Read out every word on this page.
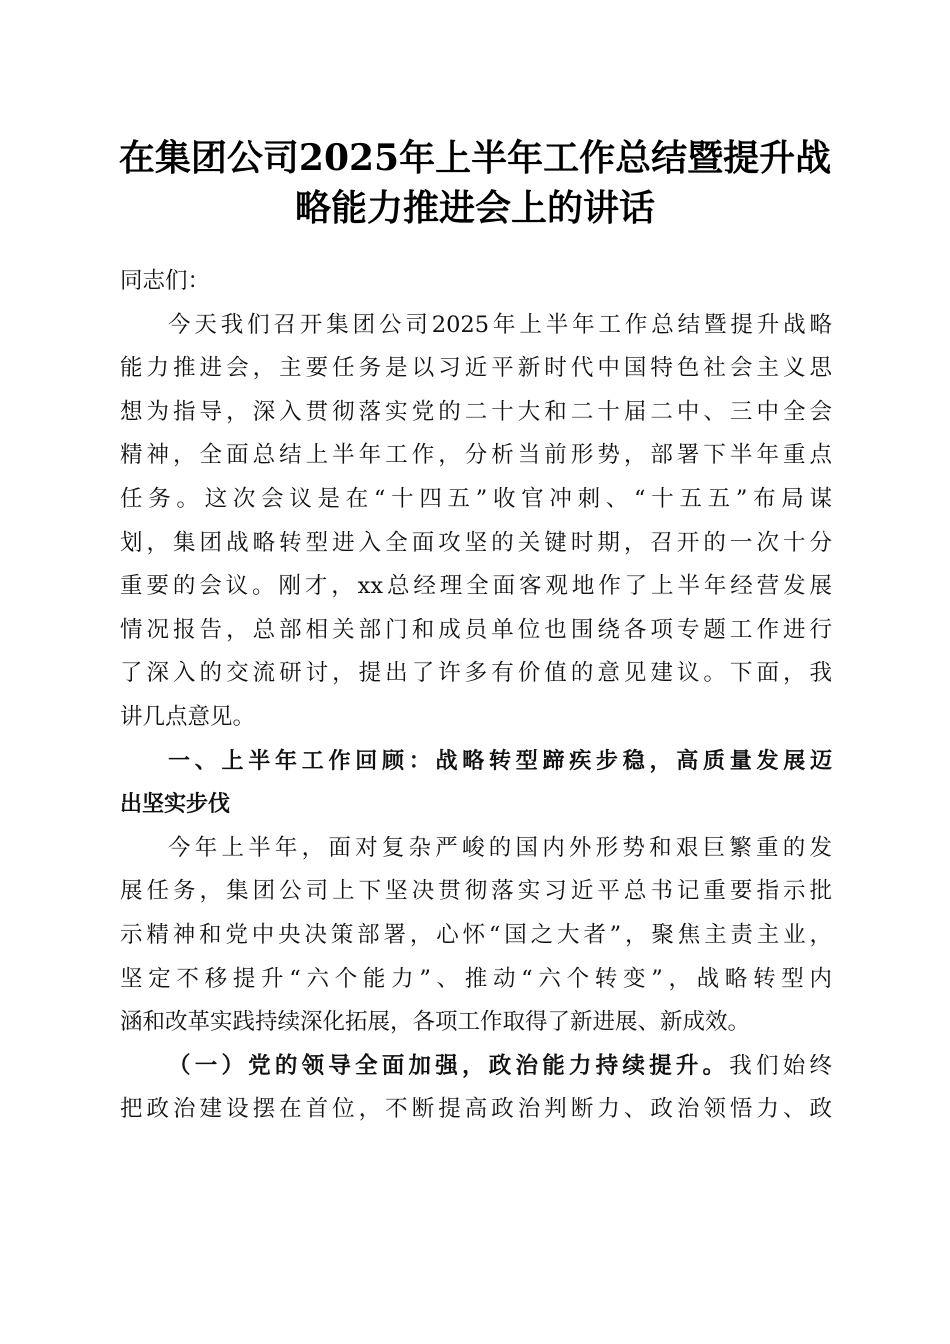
在集团公司2025年上半年工作总结暨提升战
略能力推进会上的讲话

同志们：

今天我们召开集团公司2025年上半年工作总结暨提升战略
能力推进会，主要任务是以习近平新时代中国特色社会主义思
想为指导，深入贯彻落实党的二十大和二十届二中、三中全会
精神，全面总结上半年工作，分析当前形势，部署下半年重点
任务。这次会议是在“十四五”收官冲刺、“十五五”布局谋
划，集团战略转型进入全面攻坚的关键时期，召开的一次十分
重要的会议。刚才，xx总经理全面客观地作了上半年经营发展
情况报告，总部相关部门和成员单位也围绕各项专题工作进行
了深入的交流研讨，提出了许多有价值的意见建议。下面，我
讲几点意见。

一、上半年工作回顾：战略转型蹄疾步稳，高质量发展迈
出坚实步伐

今年上半年，面对复杂严峻的国内外形势和艰巨繁重的发
展任务，集团公司上下坚决贯彻落实习近平总书记重要指示批
示精神和党中央决策部署，心怀“国之大者”，聚焦主责主业，
坚定不移提升“六个能力”、推动“六个转变”，战略转型内
涵和改革实践持续深化拓展，各项工作取得了新进展、新成效。

（一）党的领导全面加强，政治能力持续提升。我们始终
把政治建设摆在首位，不断提高政治判断力、政治领悟力、政
